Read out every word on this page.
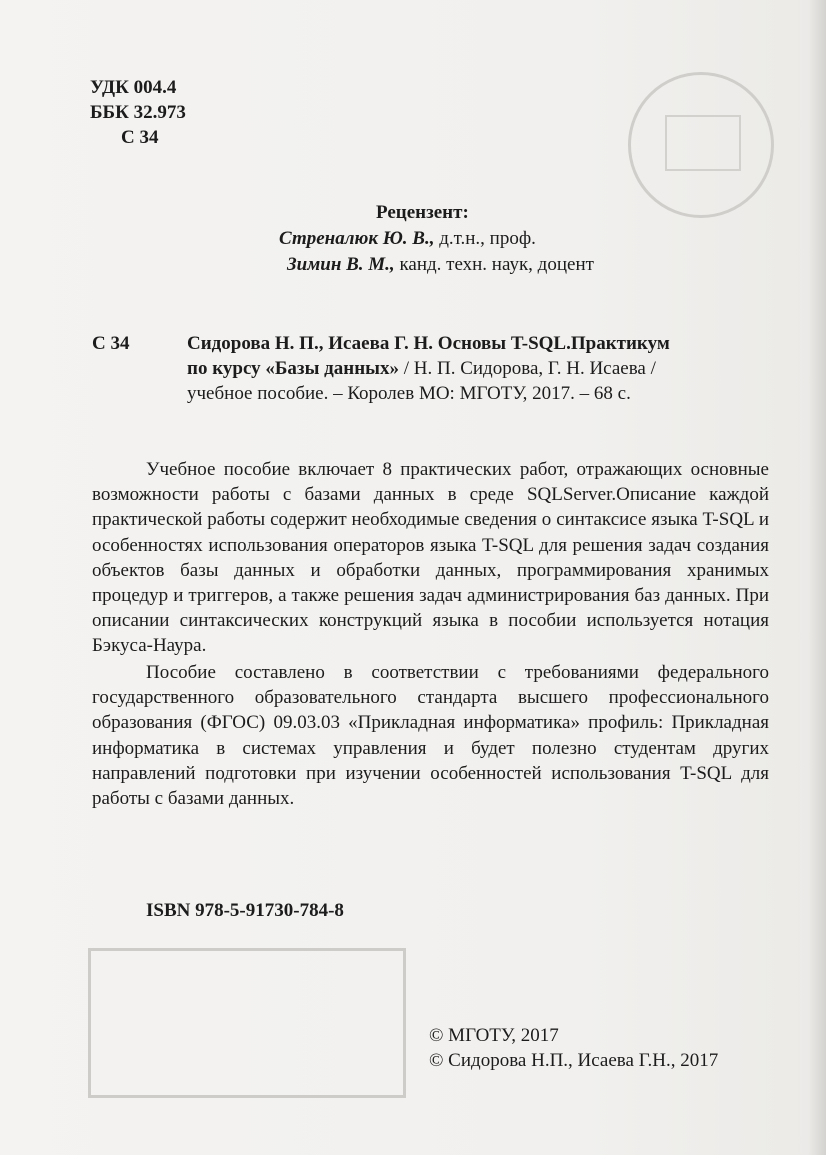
УДК 004.4
ББК 32.973
С 34
Рецензент:
Стреналюк Ю. В., д.т.н., проф.
Зимин В. М., канд. техн. наук, доцент
С 34	Сидорова Н. П., Исаева Г. Н. Основы T-SQL.Практикум
по курсу «Базы данных» / Н. П. Сидорова, Г. Н. Исаева /
учебное пособие. – Королев МО: МГОТУ, 2017. – 68 с.
Учебное пособие включает 8 практических работ, отражающих основные возможности работы с базами данных в среде SQLServer.Описание каждой практической работы содержит необходимые сведения о синтаксисе языка T-SQL и особенностях использования операторов языка T-SQL для решения задач создания объектов базы данных и обработки данных, программирования хранимых процедур и триггеров, а также решения задач администрирования баз данных. При описании синтаксических конструкций языка в пособии используется нотация Бэкуса-Наура.
Пособие составлено в соответствии с требованиями федерального государственного образовательного стандарта высшего профессионального образования (ФГОС) 09.03.03 «Прикладная информатика» профиль: Прикладная информатика в системах управления и будет полезно студентам других направлений подготовки при изучении особенностей использования T-SQL для работы с базами данных.
ISBN 978-5-91730-784-8
© МГОТУ, 2017
© Сидорова Н.П., Исаева Г.Н., 2017
